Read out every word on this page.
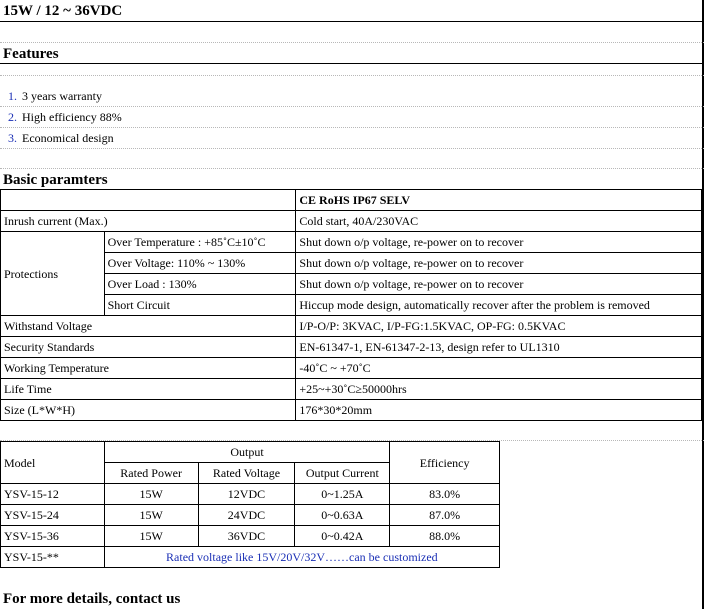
15W / 12 ~ 36VDC
Features
1. 3 years warranty
2. High efficiency 88%
3. Economical design
Basic paramters
		CE RoHS IP67 SELV
Inrush current (Max.)		Cold start, 40A/230VAC
Protections	Over Temperature : +85˚C±10˚C	Shut down o/p voltage, re-power on to recover
	Over Voltage: 110% ~ 130%	Shut down o/p voltage, re-power on to recover
	Over Load : 130%	Shut down o/p voltage, re-power on to recover
	Short Circuit	Hiccup mode design, automatically recover after the problem is removed
Withstand Voltage		I/P-O/P: 3KVAC, I/P-FG:1.5KVAC, OP-FG: 0.5KVAC
Security Standards		EN-61347-1, EN-61347-2-13, design refer to UL1310
Working Temperature		-40˚C ~ +70˚C
Life Time		+25~+30˚C≥50000hrs
Size (L*W*H)		176*30*20mm
Model	Output			Efficiency
	Rated Power	Rated Voltage	Output Current	
YSV-15-12	15W	12VDC	0~1.25A	83.0%
YSV-15-24	15W	24VDC	0~0.63A	87.0%
YSV-15-36	15W	36VDC	0~0.42A	88.0%
YSV-15-**	Rated voltage like 15V/20V/32V……can be customized			
For more details, contact us
